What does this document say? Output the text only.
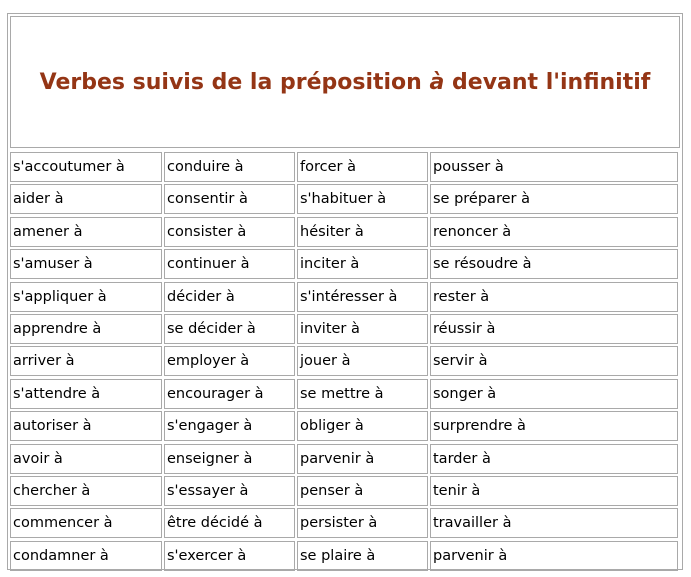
Verbes suivis de la préposition à devant l'infinitif
s'accoutumer à	conduire à	forcer à	pousser à
aider à	consentir à	s'habituer à	se préparer à
amener à	consister à	hésiter à	renoncer à
s'amuser à	continuer à	inciter à	se résoudre à
s'appliquer à	décider à	s'intéresser à	rester à
apprendre à	se décider à	inviter à	réussir à
arriver à	employer à	jouer à	servir à
s'attendre à	encourager à	se mettre à	songer à
autoriser à	s'engager à	obliger à	surprendre à
avoir à	enseigner à	parvenir à	tarder à
chercher à	s'essayer à	penser à	tenir à
commencer à	être décidé à	persister à	travailler à
condamner à	s'exercer à	se plaire à	parvenir à
